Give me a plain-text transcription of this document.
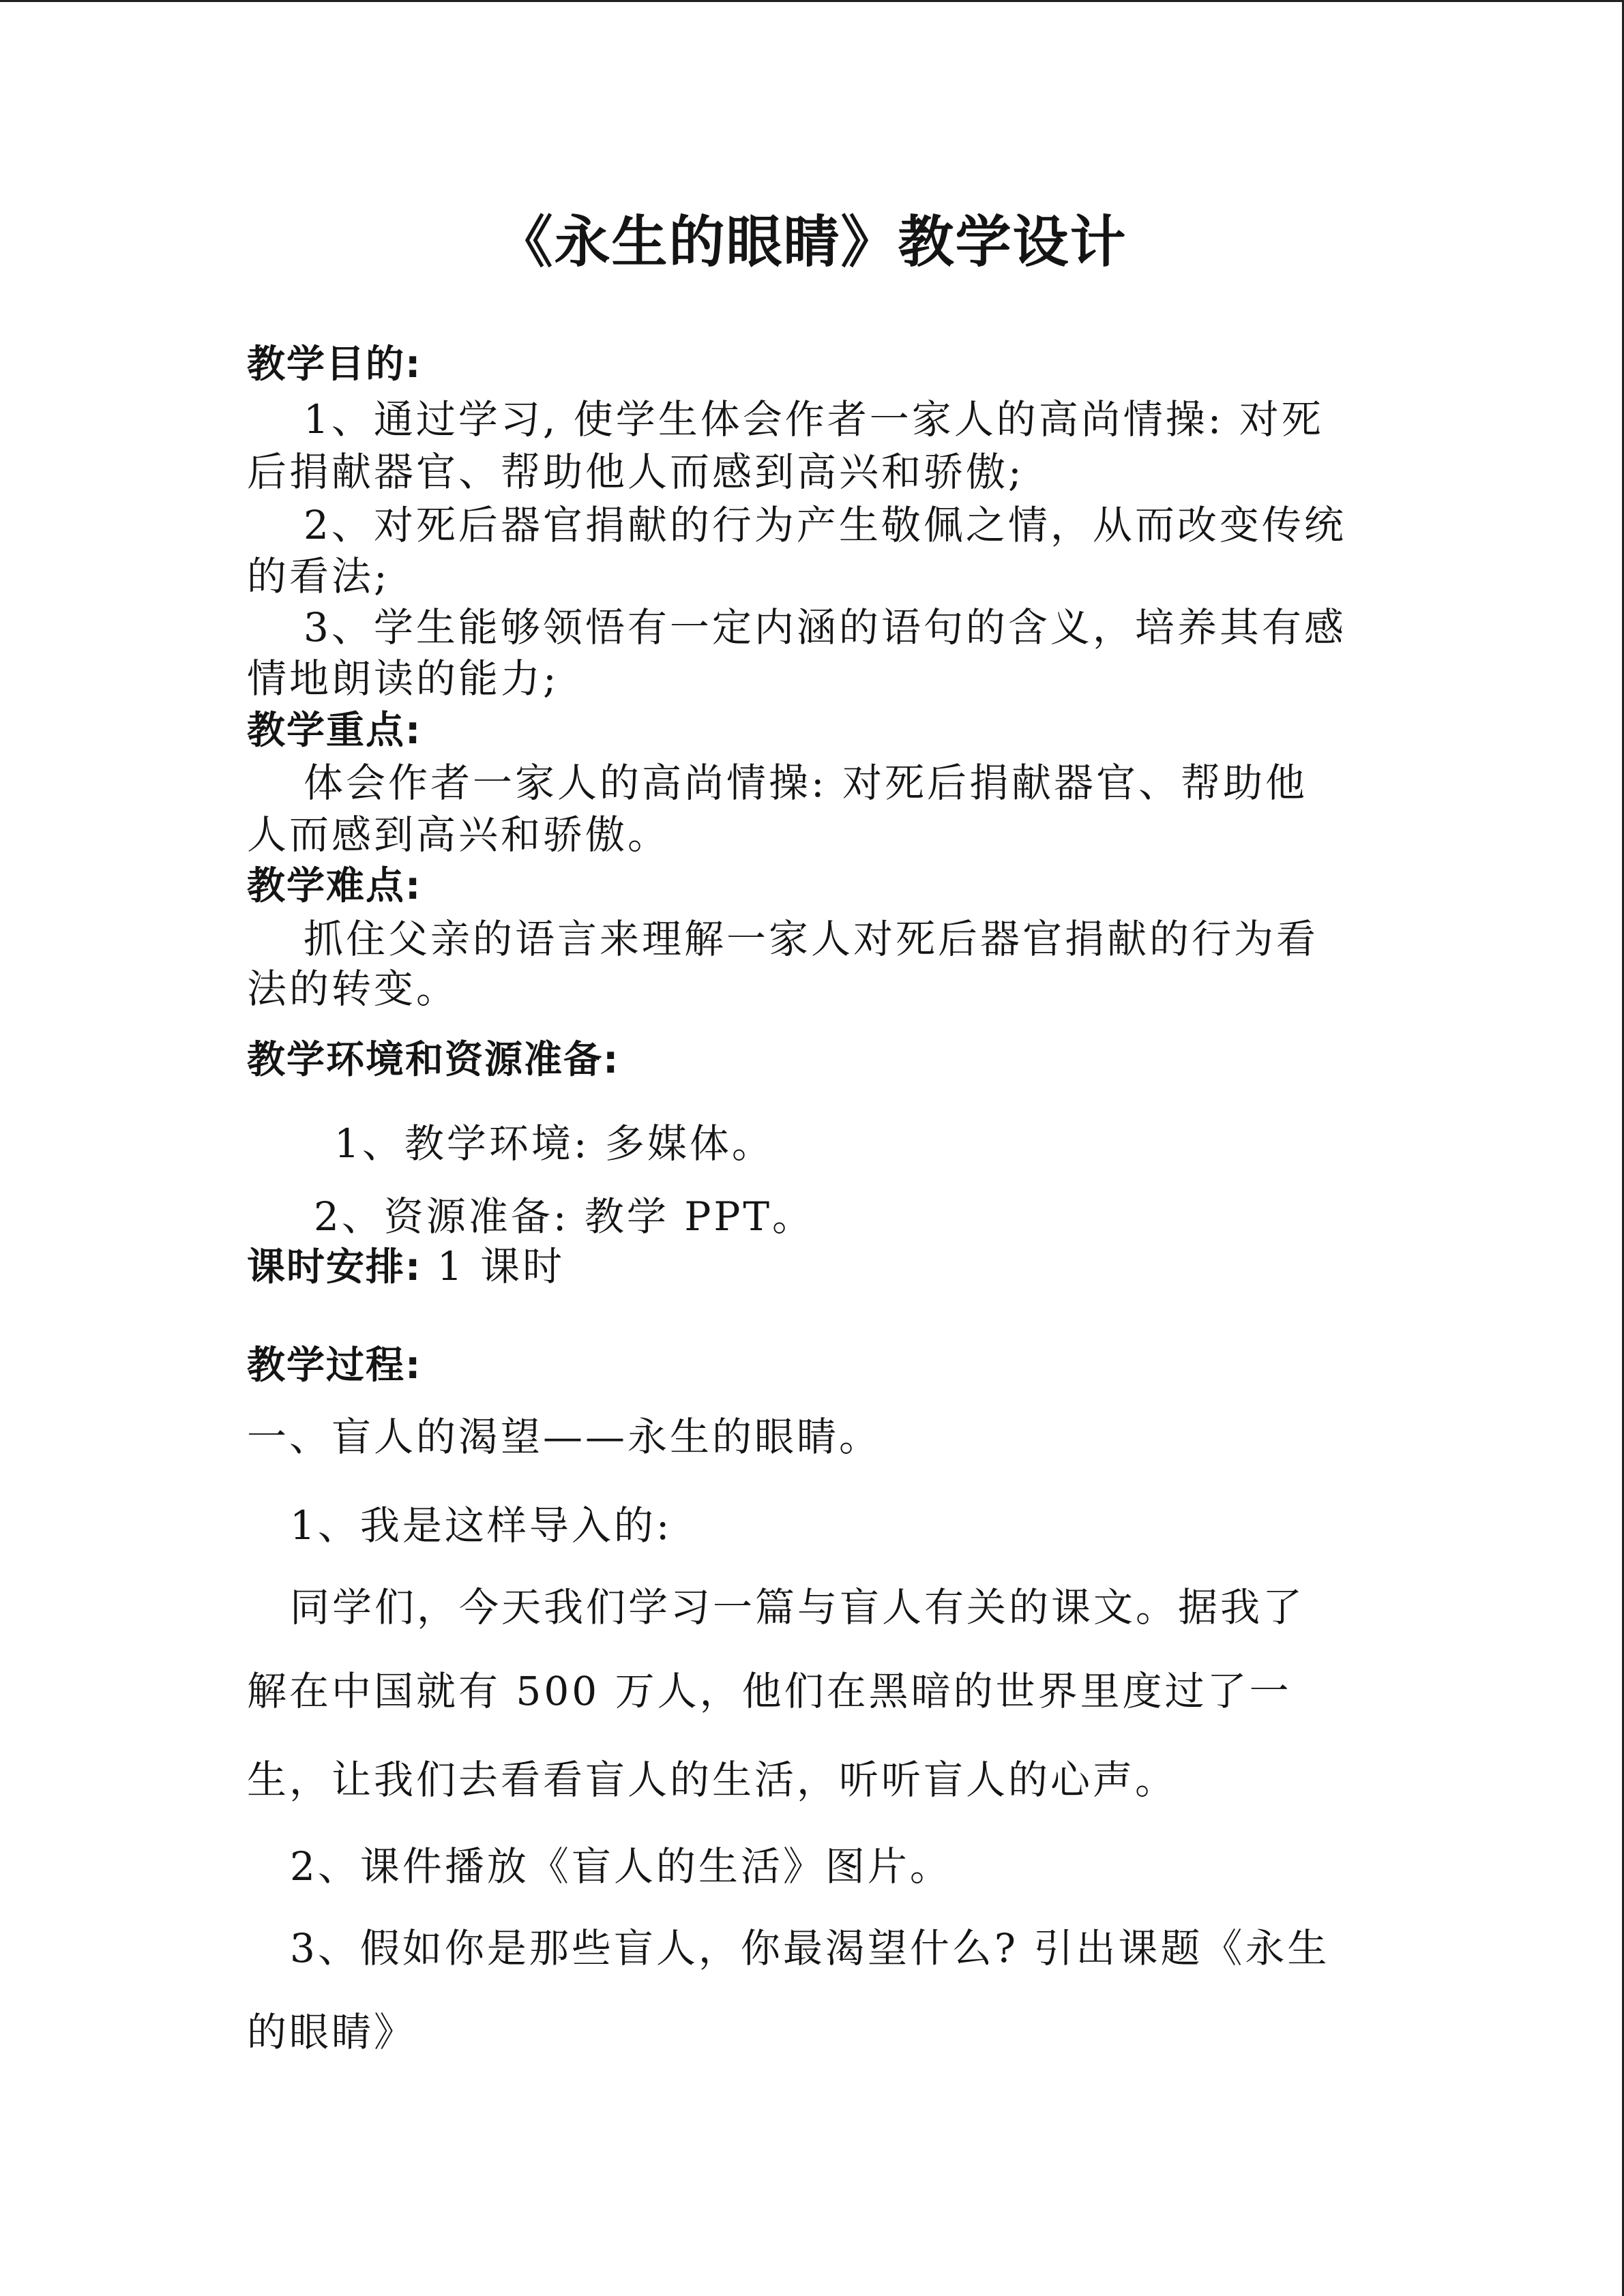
《永生的眼睛》教学设计
教学目的:
1、通过学习, 使学生体会作者一家人的高尚情操: 对死
后捐献器官、帮助他人而感到高兴和骄傲;
2、对死后器官捐献的行为产生敬佩之情，从而改变传统
的看法;
3、学生能够领悟有一定内涵的语句的含义，培养其有感
情地朗读的能力;
教学重点:
体会作者一家人的高尚情操: 对死后捐献器官、帮助他
人而感到高兴和骄傲。
教学难点:
抓住父亲的语言来理解一家人对死后器官捐献的行为看
法的转变。
教学环境和资源准备:
1、教学环境: 多媒体。
2、资源准备: 教学 PPT。
课时安排: 1 课时
教学过程:
一、盲人的渴望——永生的眼睛。
1、我是这样导入的:
同学们，今天我们学习一篇与盲人有关的课文。据我了
解在中国就有 500 万人，他们在黑暗的世界里度过了一
生，让我们去看看盲人的生活，听听盲人的心声。
2、课件播放《盲人的生活》图片。
3、假如你是那些盲人，你最渴望什么? 引出课题《永生
的眼睛》
